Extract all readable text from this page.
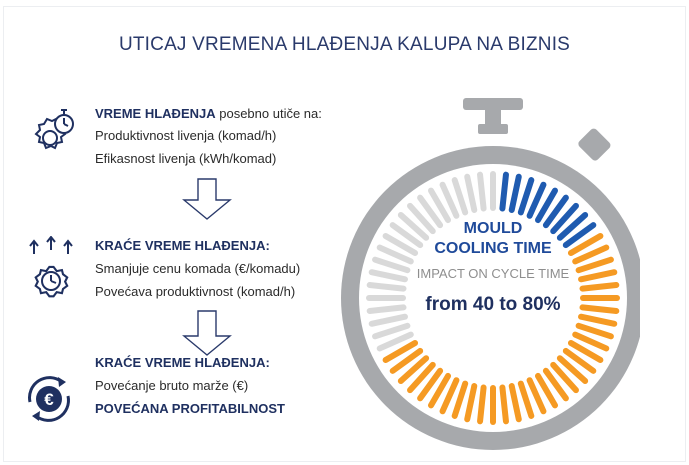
UTICAJ VREMENA HLAĐENJA KALUPA NA BIZNIS
VREME HLAĐENJA posebno utiče na:
Produktivnost livenja (komad/h)
Efikasnost livenja (kWh/komad)
KRAĆE VREME HLAĐENJA:
Smanjuje cenu komada (€/komadu)
Povećava produktivnost (komad/h)
€
KRAĆE VREME HLAĐENJA:
Povećanje bruto marže (€)
POVEĆANA PROFITABILNOST
MOULD
COOLING TIME
IMPACT ON CYCLE TIME
from 40 to 80%
